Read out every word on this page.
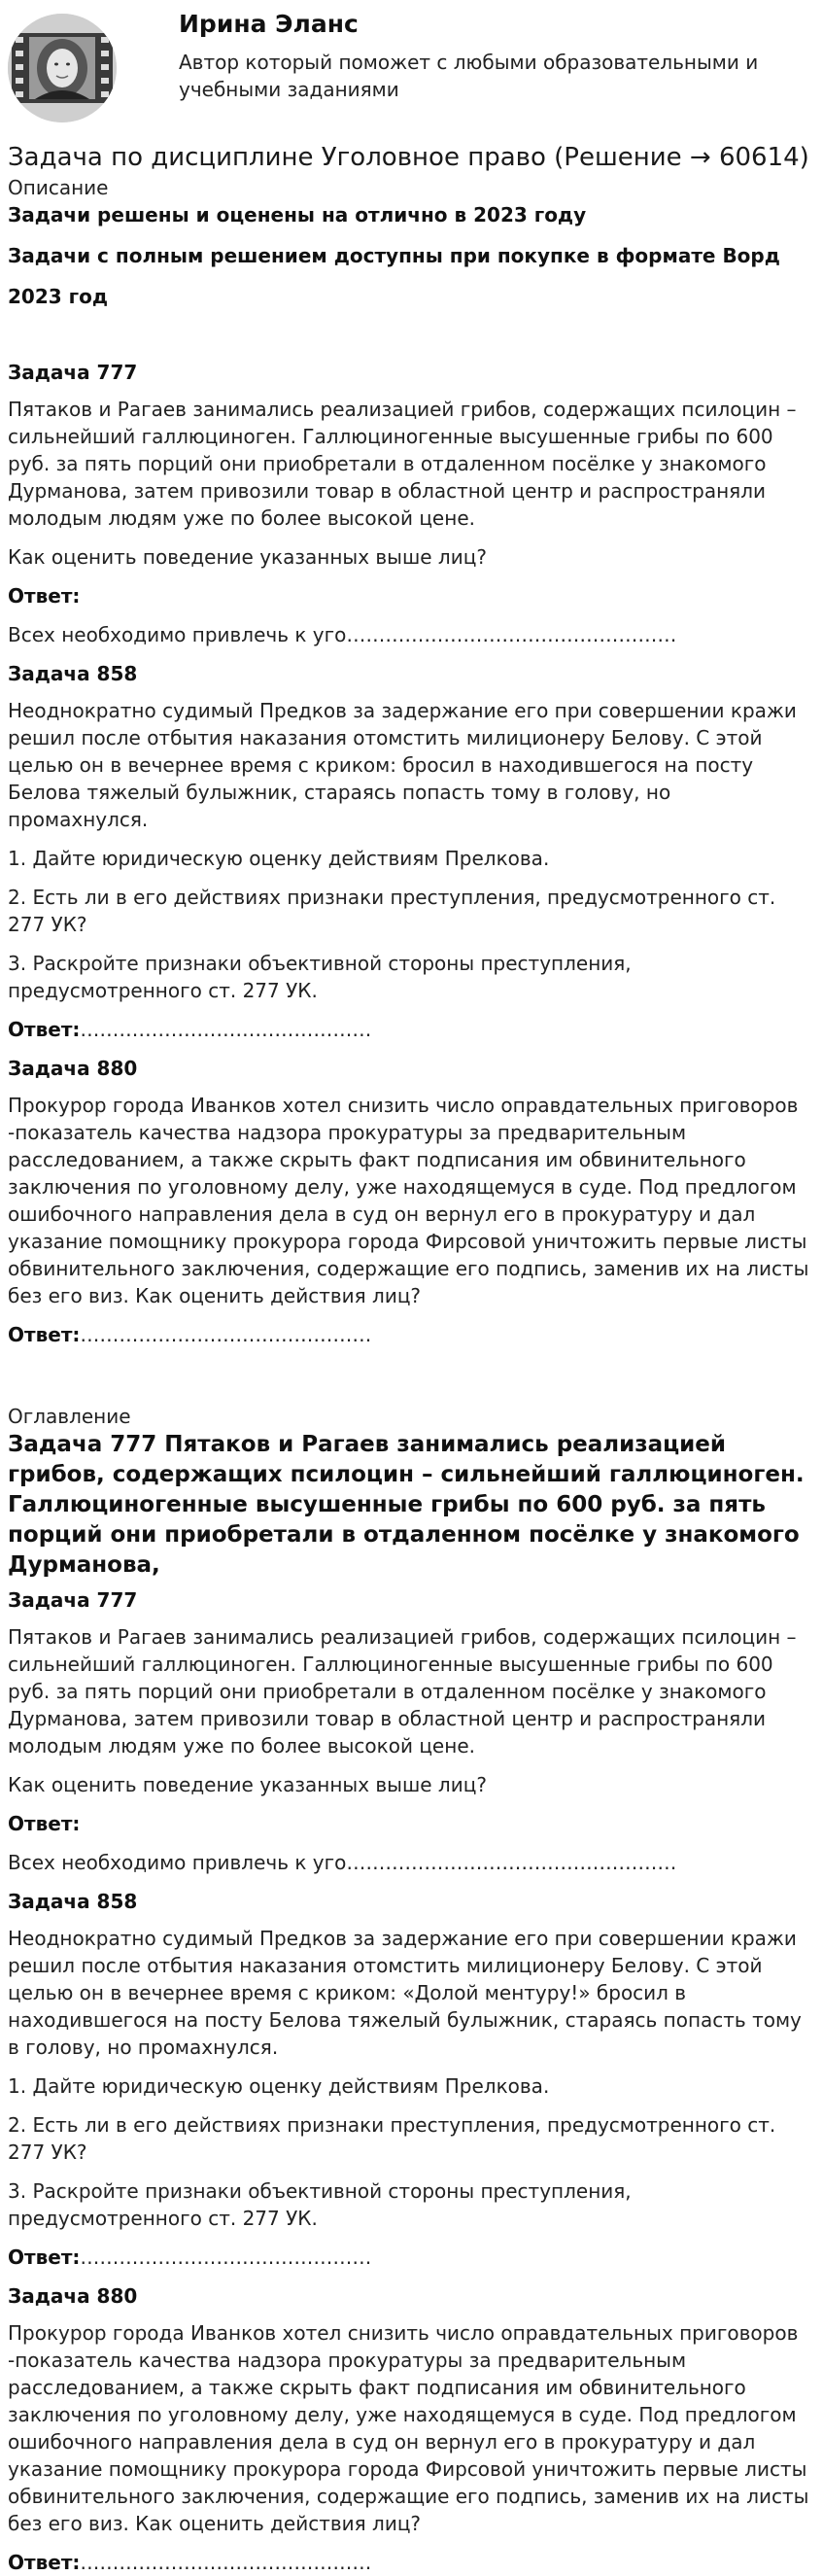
Ирина Эланс
Автор который поможет с любыми образовательными и учебными заданиями
Задача по дисциплине Уголовное право (Решение → 60614)
Описание
Задачи решены и оценены на отлично в 2023 году
Задачи с полным решением доступны при покупке в формате Ворд
2023 год
Задача 777
Пятаков и Рагаев занимались реализацией грибов, содержащих псилоцин – сильнейший галлюциноген. Галлюциногенные высушенные грибы по 600 руб. за пять порций они приобретали в отдаленном посёлке у знакомого Дурманова, затем привозили товар в областной центр и распространяли молодым людям уже по более высокой цене.
Как оценить поведение указанных выше лиц?
Ответ:
Всех необходимо привлечь к уго……………………………………………
Задача 858
Неоднократно судимый Предков за задержание его при совершении кражи решил после отбытия наказания отомстить милиционеру Белову. С этой целью он в вечернее время с криком: бросил в находившегося на посту Белова тяжелый булыжник, стараясь попасть тому в голову, но промахнулся.
1. Дайте юридическую оценку действиям Прелкова.
2. Есть ли в его действиях признаки преступления, предусмотренного ст. 277 УК?
3. Раскройте признаки объективной стороны преступления, предусмотренного ст. 277 УК.
Ответ:………………………………………
Задача 880
Прокурор города Иванков хотел снизить число оправдательных приговоров -показатель качества надзора прокуратуры за предварительным расследованием, а также скрыть факт подписания им обвинительного заключения по уголовному делу, уже находящемуся в суде. Под предлогом ошибочного направления дела в суд он вернул его в прокуратуру и дал указание помощнику прокурора города Фирсовой уничтожить первые листы обвинительного заключения, содержащие его подпись, заменив их на листы без его виз. Как оценить действия лиц?
Ответ:………………………………………
Оглавление
Задача 777 Пятаков и Рагаев занимались реализацией грибов, содержащих псилоцин – сильнейший галлюциноген. Галлюциногенные высушенные грибы по 600 руб. за пять порций они приобретали в отдаленном посёлке у знакомого Дурманова,
Задача 777
Пятаков и Рагаев занимались реализацией грибов, содержащих псилоцин – сильнейший галлюциноген. Галлюциногенные высушенные грибы по 600 руб. за пять порций они приобретали в отдаленном посёлке у знакомого Дурманова, затем привозили товар в областной центр и распространяли молодым людям уже по более высокой цене.
Как оценить поведение указанных выше лиц?
Ответ:
Всех необходимо привлечь к уго……………………………………………
Задача 858
Неоднократно судимый Предков за задержание его при совершении кражи решил после отбытия наказания отомстить милиционеру Белову. С этой целью он в вечернее время с криком: «Долой ментуру!» бросил в находившегося на посту Белова тяжелый булыжник, стараясь попасть тому в голову, но промахнулся.
1. Дайте юридическую оценку действиям Прелкова.
2. Есть ли в его действиях признаки преступления, предусмотренного ст. 277 УК?
3. Раскройте признаки объективной стороны преступления, предусмотренного ст. 277 УК.
Ответ:………………………………………
Задача 880
Прокурор города Иванков хотел снизить число оправдательных приговоров -показатель качества надзора прокуратуры за предварительным расследованием, а также скрыть факт подписания им обвинительного заключения по уголовному делу, уже находящемуся в суде. Под предлогом ошибочного направления дела в суд он вернул его в прокуратуру и дал указание помощнику прокурора города Фирсовой уничтожить первые листы обвинительного заключения, содержащие его подпись, заменив их на листы без его виз. Как оценить действия лиц?
Ответ:………………………………………
